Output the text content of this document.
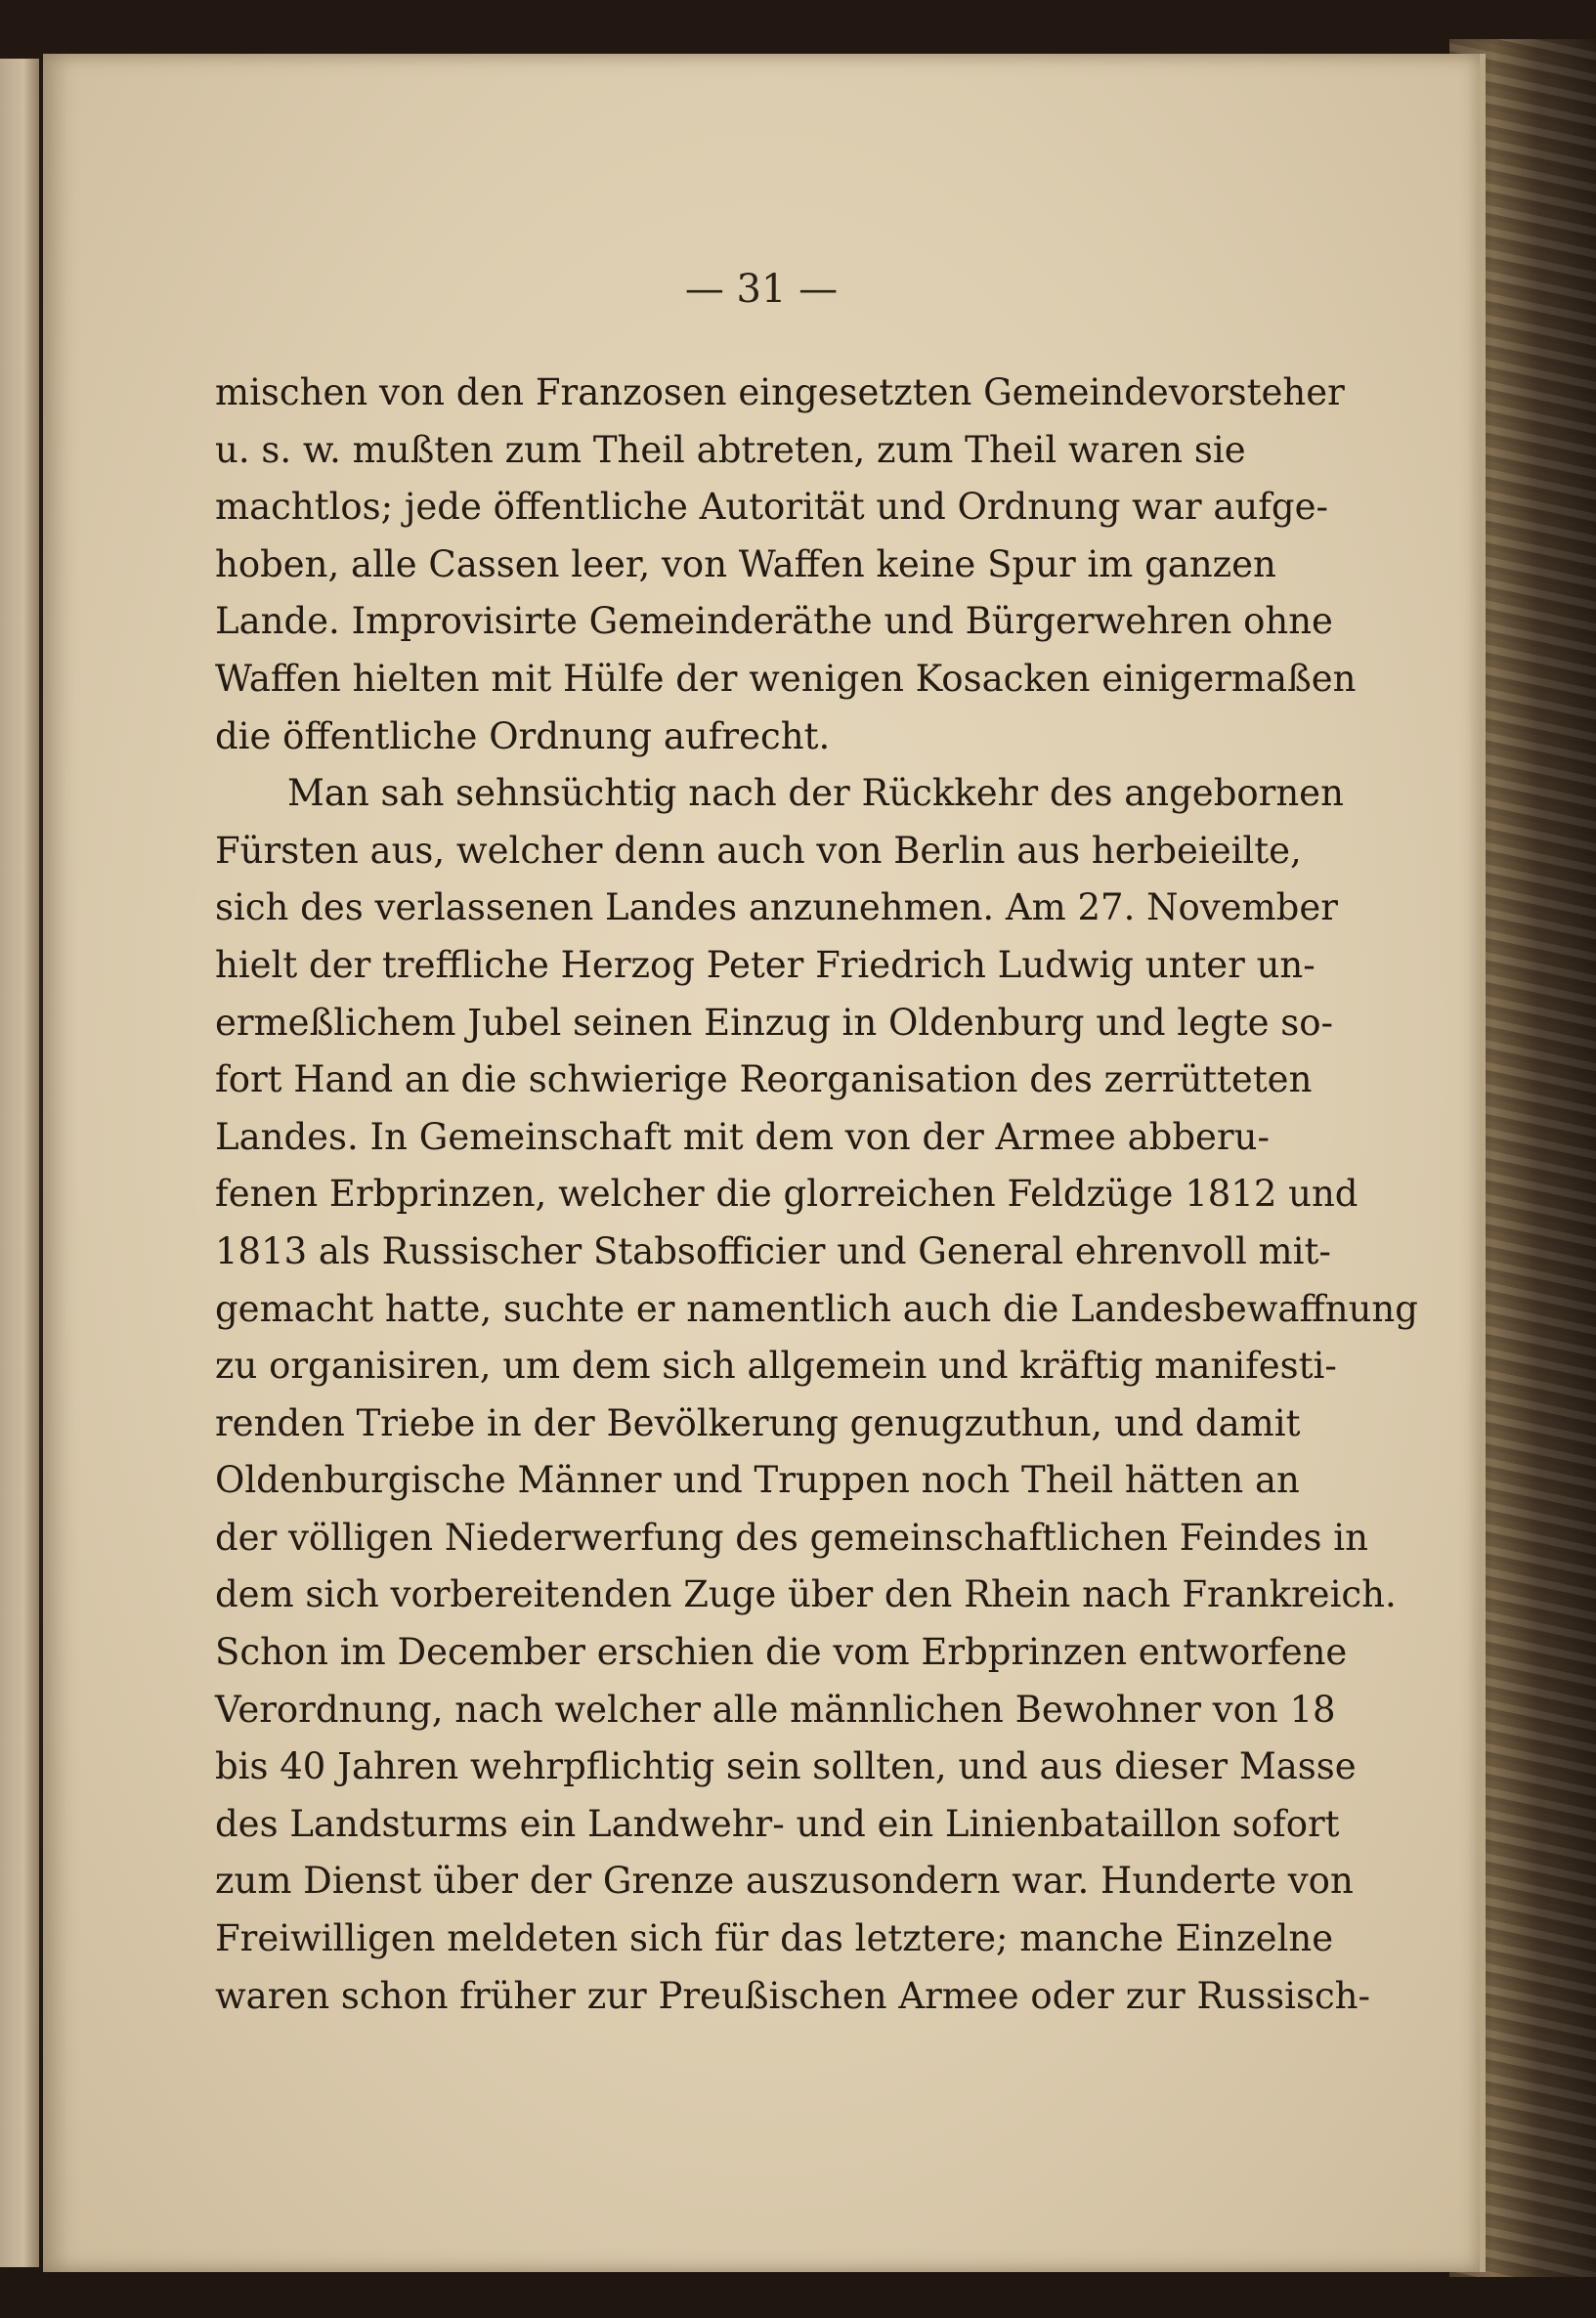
— 31 —
mischen von den Franzosen eingesetzten Gemeindevorsteher
u. s. w. mußten zum Theil abtreten, zum Theil waren sie
machtlos; jede öffentliche Autorität und Ordnung war aufge-
hoben, alle Cassen leer, von Waffen keine Spur im ganzen
Lande. Improvisirte Gemeinderäthe und Bürgerwehren ohne
Waffen hielten mit Hülfe der wenigen Kosacken einigermaßen
die öffentliche Ordnung aufrecht.
Man sah sehnsüchtig nach der Rückkehr des angebornen
Fürsten aus, welcher denn auch von Berlin aus herbeieilte,
sich des verlassenen Landes anzunehmen. Am 27. November
hielt der treffliche Herzog Peter Friedrich Ludwig unter un-
ermeßlichem Jubel seinen Einzug in Oldenburg und legte so-
fort Hand an die schwierige Reorganisation des zerrütteten
Landes. In Gemeinschaft mit dem von der Armee abberu-
fenen Erbprinzen, welcher die glorreichen Feldzüge 1812 und
1813 als Russischer Stabsofficier und General ehrenvoll mit-
gemacht hatte, suchte er namentlich auch die Landesbewaffnung
zu organisiren, um dem sich allgemein und kräftig manifesti-
renden Triebe in der Bevölkerung genugzuthun, und damit
Oldenburgische Männer und Truppen noch Theil hätten an
der völligen Niederwerfung des gemeinschaftlichen Feindes in
dem sich vorbereitenden Zuge über den Rhein nach Frankreich.
Schon im December erschien die vom Erbprinzen entworfene
Verordnung, nach welcher alle männlichen Bewohner von 18
bis 40 Jahren wehrpflichtig sein sollten, und aus dieser Masse
des Landsturms ein Landwehr- und ein Linienbataillon sofort
zum Dienst über der Grenze auszusondern war. Hunderte von
Freiwilligen meldeten sich für das letztere; manche Einzelne
waren schon früher zur Preußischen Armee oder zur Russisch-
